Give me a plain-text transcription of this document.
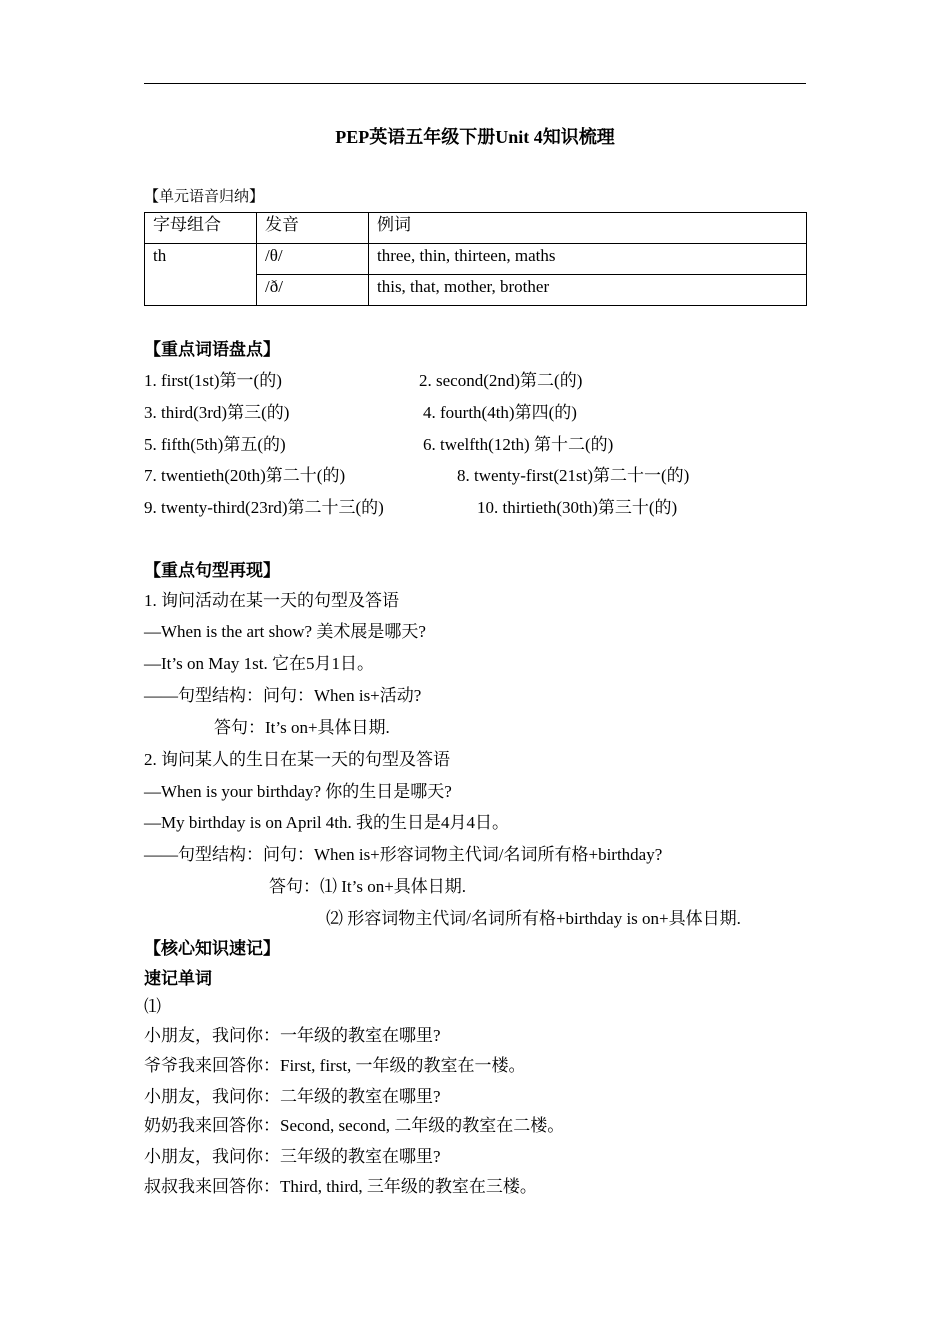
PEP英语五年级下册Unit 4知识梳理
【单元语音归纳】
字母组合	发音	例词
th	/θ/	three, thin, thirteen, maths
	/ð/	this, that, mother, brother
【重点词语盘点】
1. first(1st)第一(的)	2. second(2nd)第二(的)
3. third(3rd)第三(的)	4. fourth(4th)第四(的)
5. fifth(5th)第五(的)	6. twelfth(12th) 第十二(的)
7. twentieth(20th)第二十(的)	8. twenty-first(21st)第二十一(的)
9. twenty-third(23rd)第二十三(的)	10. thirtieth(30th)第三十(的)
【重点句型再现】
1. 询问活动在某一天的句型及答语
—When is the art show? 美术展是哪天?
—It’s on May 1st. 它在5月1日。
——句型结构：问句：When is+活动?
答句：It’s on+具体日期.
2. 询问某人的生日在某一天的句型及答语
—When is your birthday? 你的生日是哪天?
—My birthday is on April 4th. 我的生日是4月4日。
——句型结构：问句：When is+形容词物主代词/名词所有格+birthday?
答句：⑴ It’s on+具体日期.
⑵ 形容词物主代词/名词所有格+birthday is on+具体日期.
【核心知识速记】
速记单词
⑴
小朋友，我问你：一年级的教室在哪里?
爷爷我来回答你：First, first, 一年级的教室在一楼。
小朋友，我问你：二年级的教室在哪里?
奶奶我来回答你：Second, second, 二年级的教室在二楼。
小朋友，我问你：三年级的教室在哪里?
叔叔我来回答你：Third, third, 三年级的教室在三楼。
